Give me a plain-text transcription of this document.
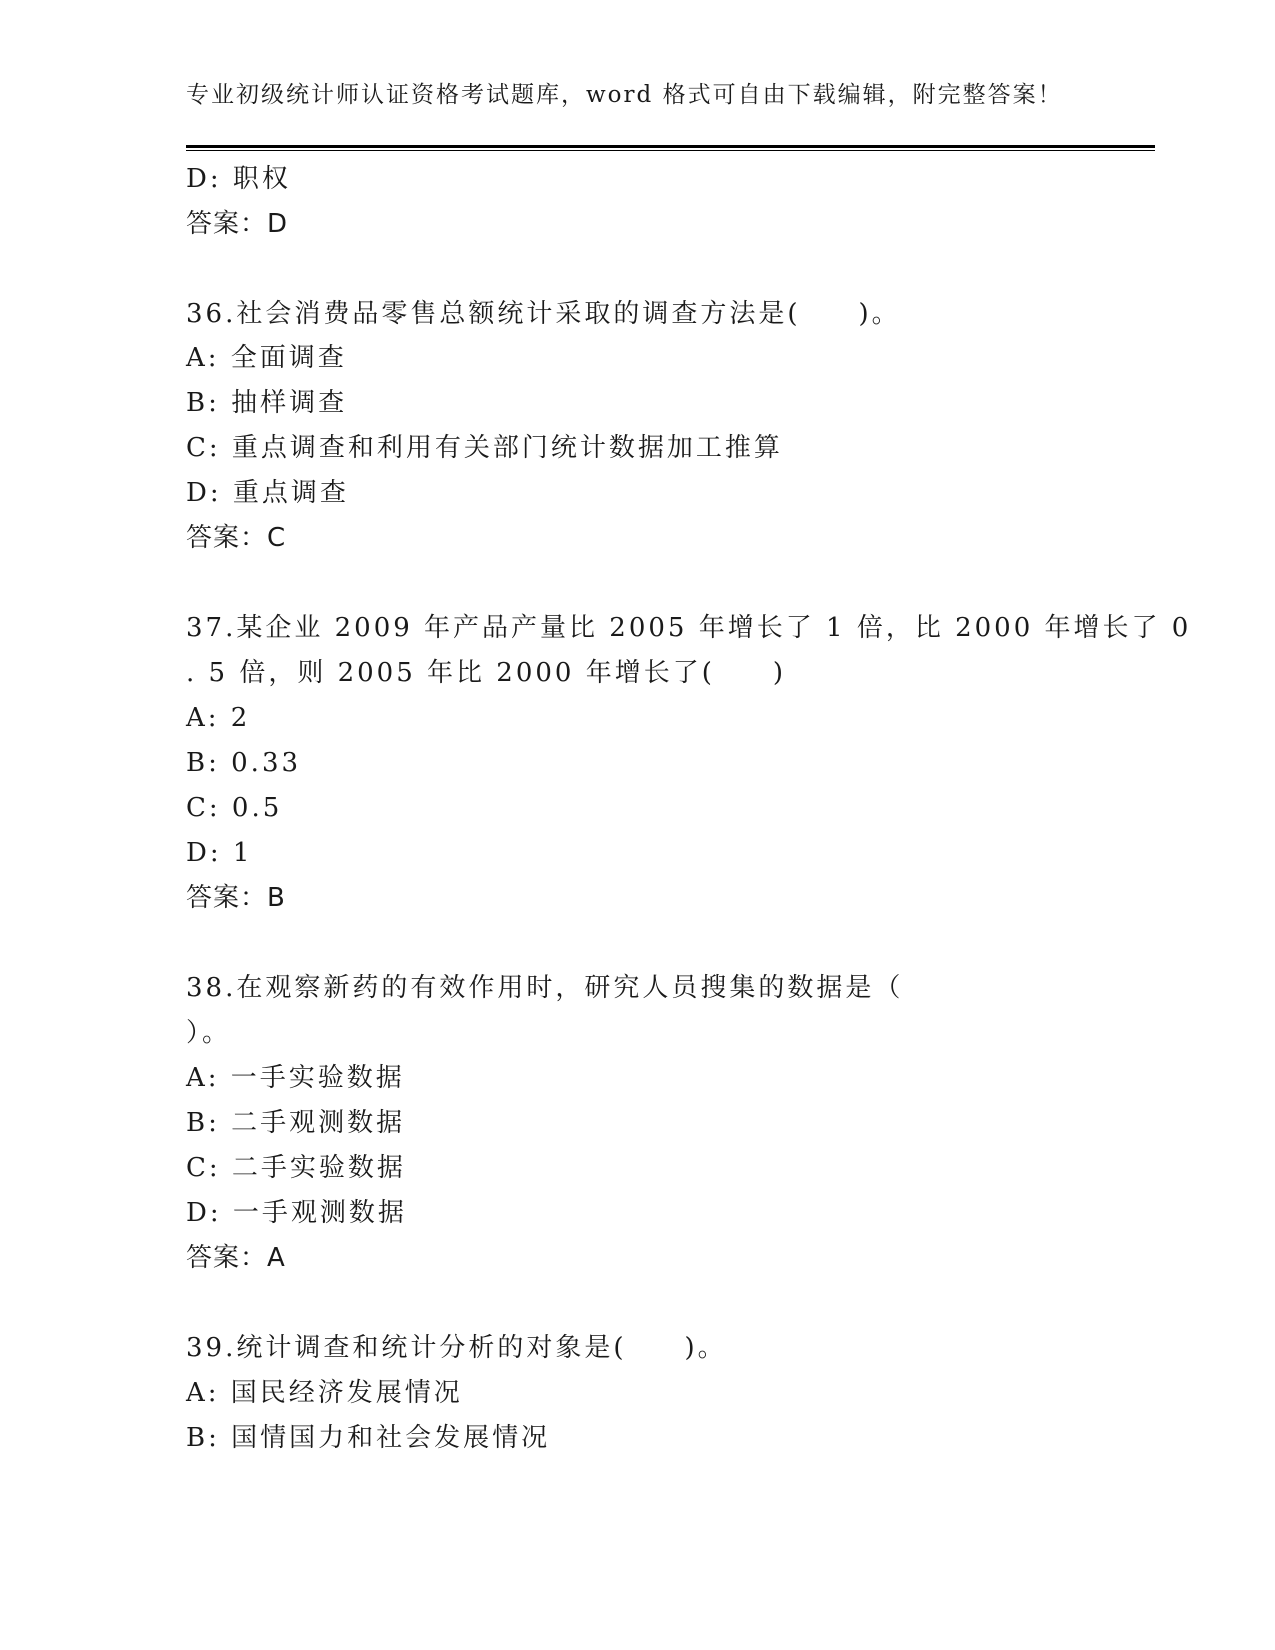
专业初级统计师认证资格考试题库，word 格式可自由下载编辑，附完整答案！
D: 职权
答案：D
36.社会消费品零售总额统计采取的调查方法是(　　)。
A: 全面调查
B: 抽样调查
C: 重点调查和利用有关部门统计数据加工推算
D: 重点调查
答案：C
37.某企业 2009 年产品产量比 2005 年增长了 1 倍，比 2000 年增长了 0
. 5 倍，则 2005 年比 2000 年增长了(　　)
A: 2
B: 0.33
C: 0.5
D: 1
答案：B
38.在观察新药的有效作用时，研究人员搜集的数据是（
）。
A: 一手实验数据
B: 二手观测数据
C: 二手实验数据
D: 一手观测数据
答案：A
39.统计调查和统计分析的对象是(　　)。
A: 国民经济发展情况
B: 国情国力和社会发展情况
